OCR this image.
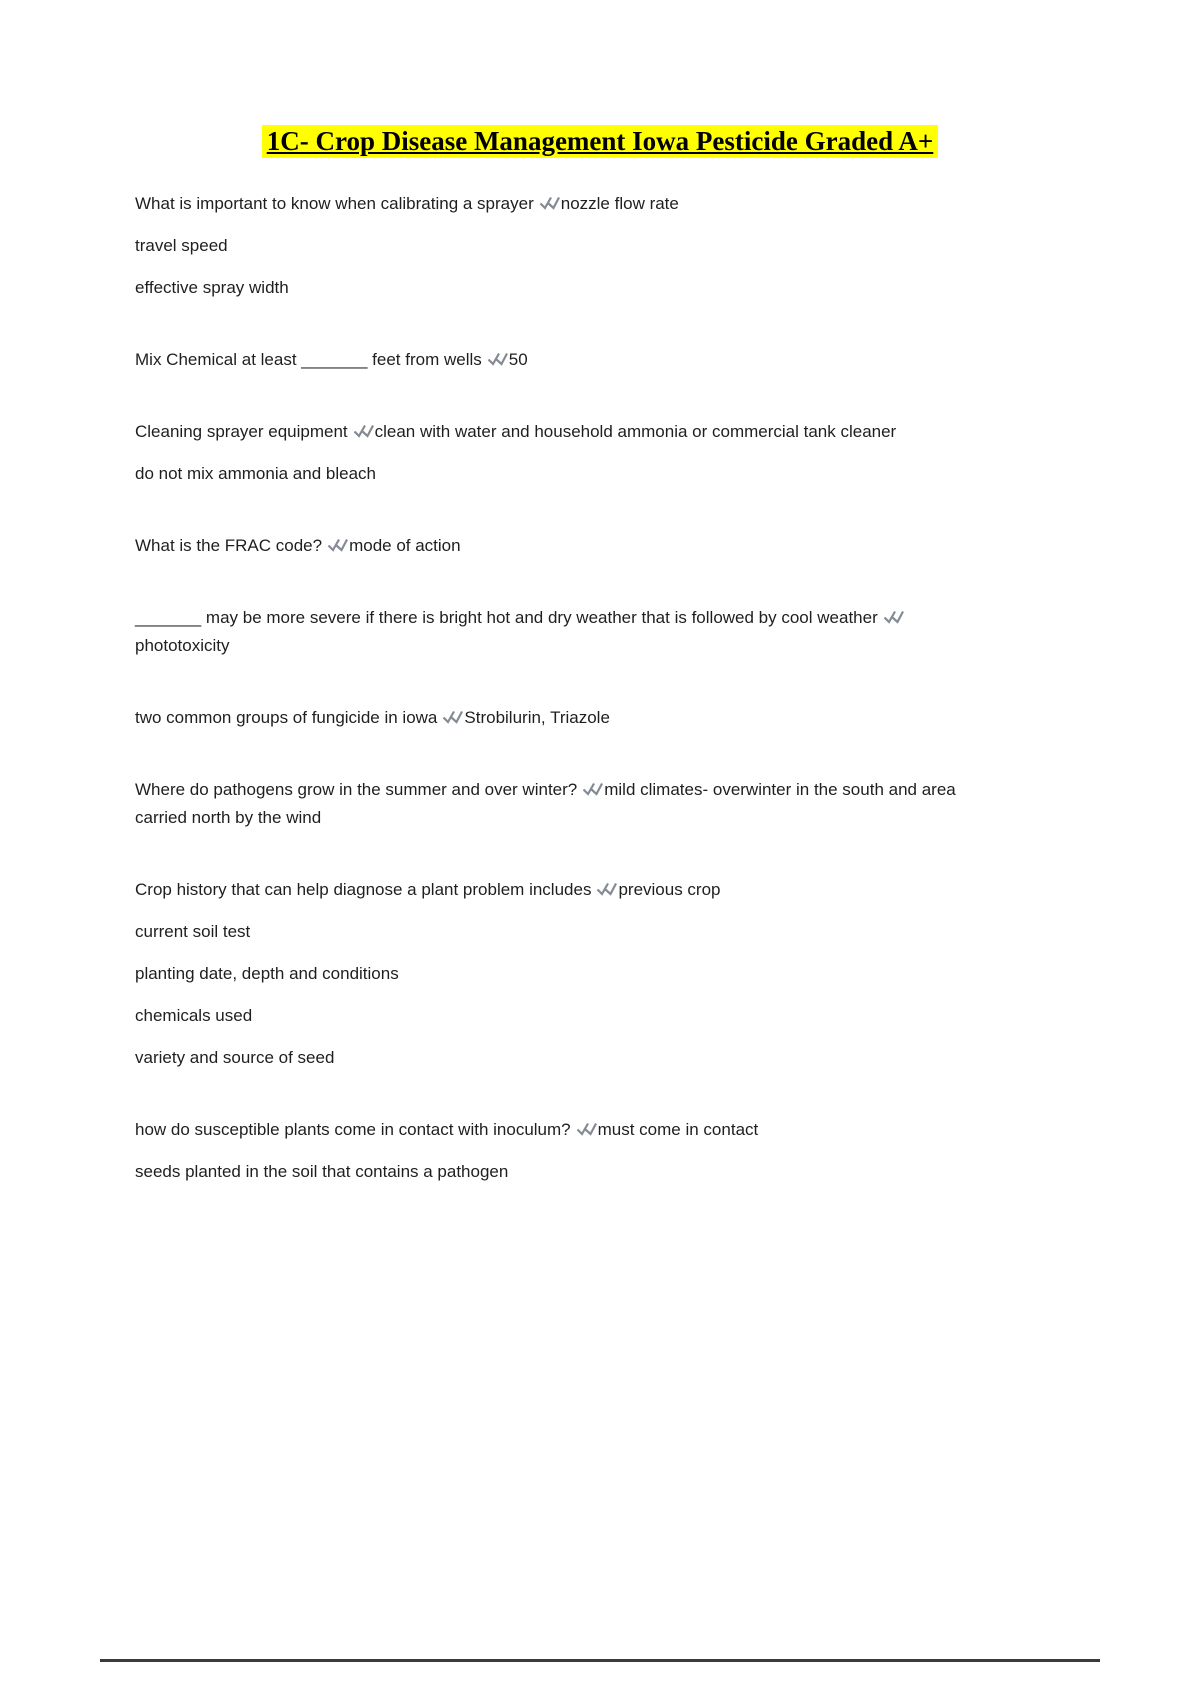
1C- Crop Disease Management Iowa Pesticide Graded A+

What is important to know when calibrating a sprayer nozzle flow rate

travel speed

effective spray width

Mix Chemical at least _______ feet from wells 50

Cleaning sprayer equipment clean with water and household ammonia or commercial tank cleaner

do not mix ammonia and bleach

What is the FRAC code? mode of action

_______ may be more severe if there is bright hot and dry weather that is followed by cool weatherphototoxicity

two common groups of fungicide in iowa Strobilurin, Triazole

Where do pathogens grow in the summer and over winter? mild climates- overwinter in the south and area carried north by the wind

Crop history that can help diagnose a plant problem includes previous crop

current soil test

planting date, depth and conditions

chemicals used

variety and source of seed

how do susceptible plants come in contact with inoculum? must come in contact

seeds planted in the soil that contains a pathogen
